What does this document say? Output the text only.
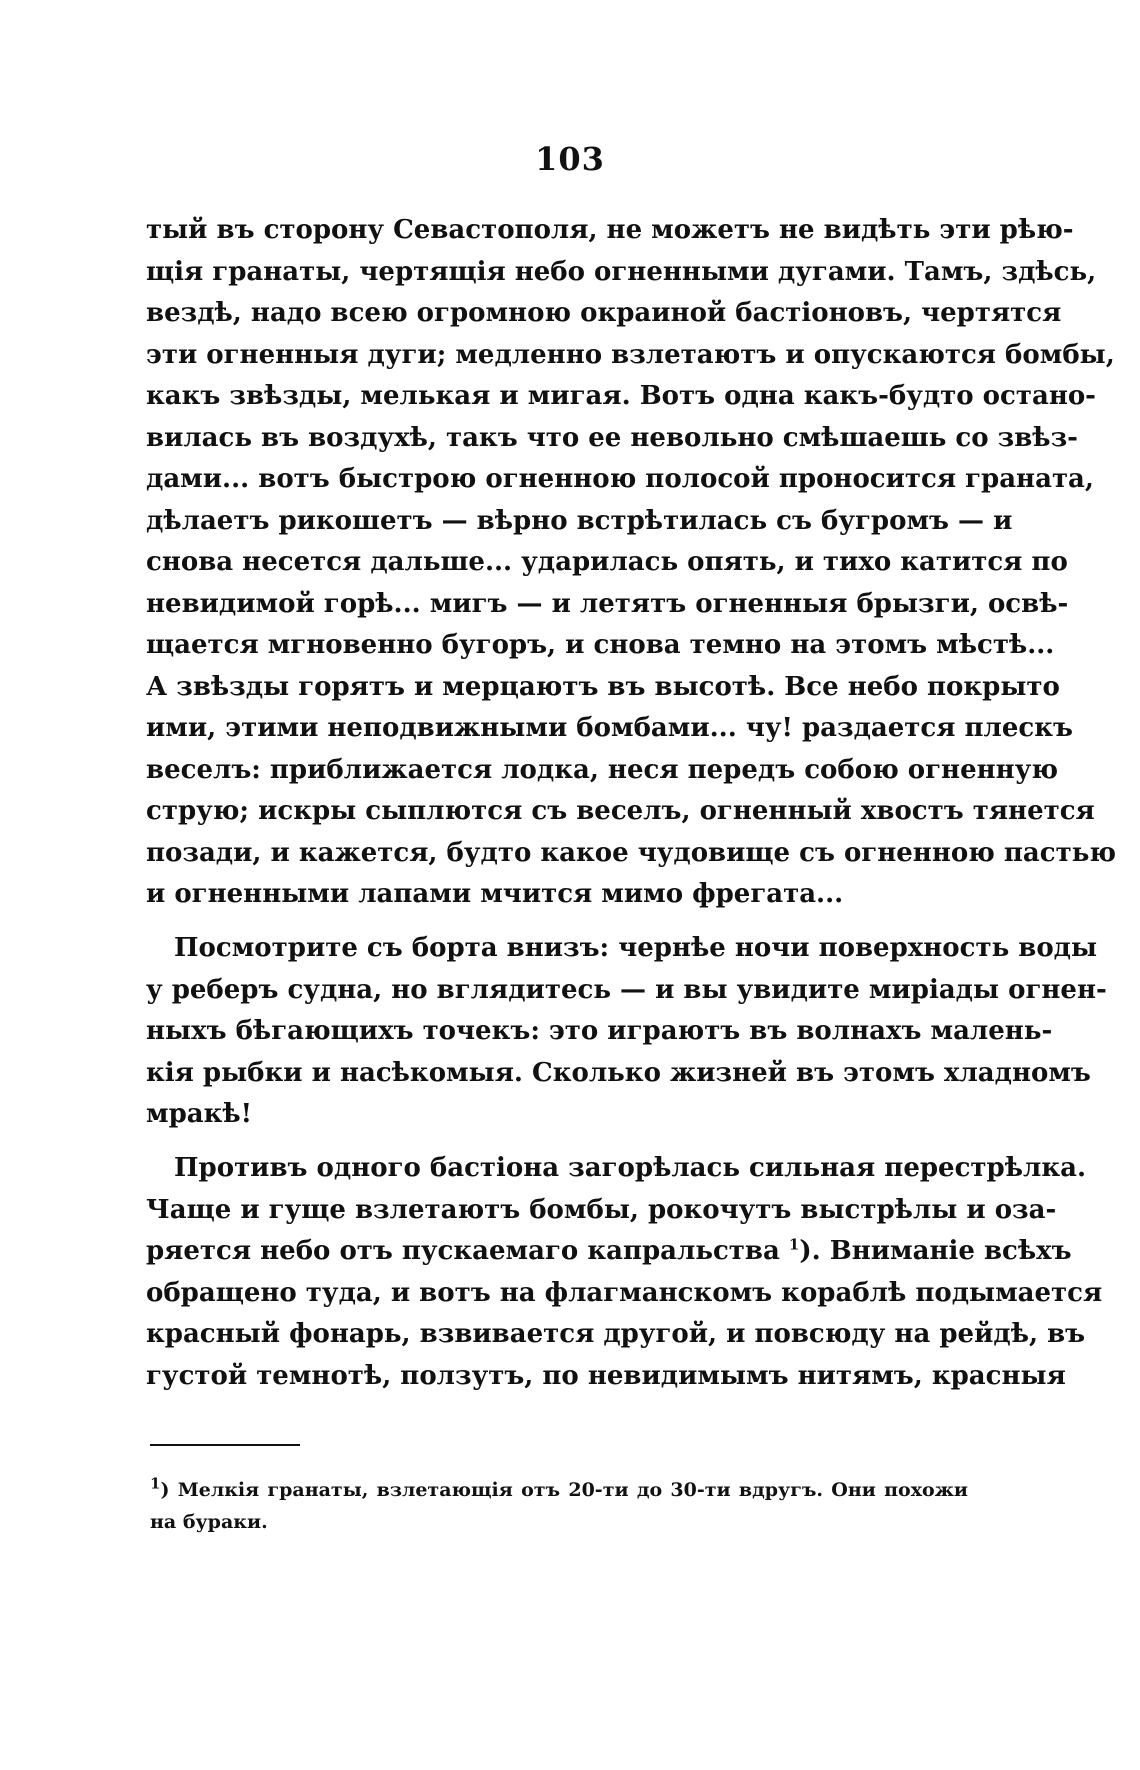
103
тый въ сторону Севастополя, не можетъ не видѣть эти рѣю-
щія гранаты, чертящія небо огненными дугами. Тамъ, здѣсь,
вездѣ, надо всею огромною окраиной бастіоновъ, чертятся
эти огненныя дуги; медленно взлетаютъ и опускаются бомбы,
какъ звѣзды, мелькая и мигая. Вотъ одна какъ-будто остано-
вилась въ воздухѣ, такъ что ее невольно смѣшаешь со звѣз-
дами... вотъ быстрою огненною полосой проносится граната,
дѣлаетъ рикошетъ — вѣрно встрѣтилась съ бугромъ — и
снова несется дальше... ударилась опять, и тихо катится по
невидимой горѣ... мигъ — и летятъ огненныя брызги, освѣ-
щается мгновенно бугоръ, и снова темно на этомъ мѣстѣ...
А звѣзды горятъ и мерцаютъ въ высотѣ. Все небо покрыто
ими, этими неподвижными бомбами... чу! раздается плескъ
веселъ: приближается лодка, неся передъ собою огненную
струю; искры сыплются съ веселъ, огненный хвостъ тянется
позади, и кажется, будто какое чудовище съ огненною пастью
и огненными лапами мчится мимо фрегата...
Посмотрите съ борта внизъ: чернѣе ночи поверхность воды
у реберъ судна, но вглядитесь — и вы увидите миріады огнен-
ныхъ бѣгающихъ точекъ: это играютъ въ волнахъ малень-
кія рыбки и насѣкомыя. Сколько жизней въ этомъ хладномъ
мракѣ!
Противъ одного бастіона загорѣлась сильная перестрѣлка.
Чаще и гуще взлетаютъ бомбы, рокочутъ выстрѣлы и оза-
ряется небо отъ пускаемаго капральства $^1$). Вниманіе всѣхъ
обращено туда, и вотъ на флагманскомъ кораблѣ подымается
красный фонарь, взвивается другой, и повсюду на рейдѣ, въ
густой темнотѣ, ползутъ, по невидимымъ нитямъ, красныя
$^1$) Мелкія гранаты, взлетающія отъ 20-ти до 30-ти вдругъ. Они похожи
на бураки.
